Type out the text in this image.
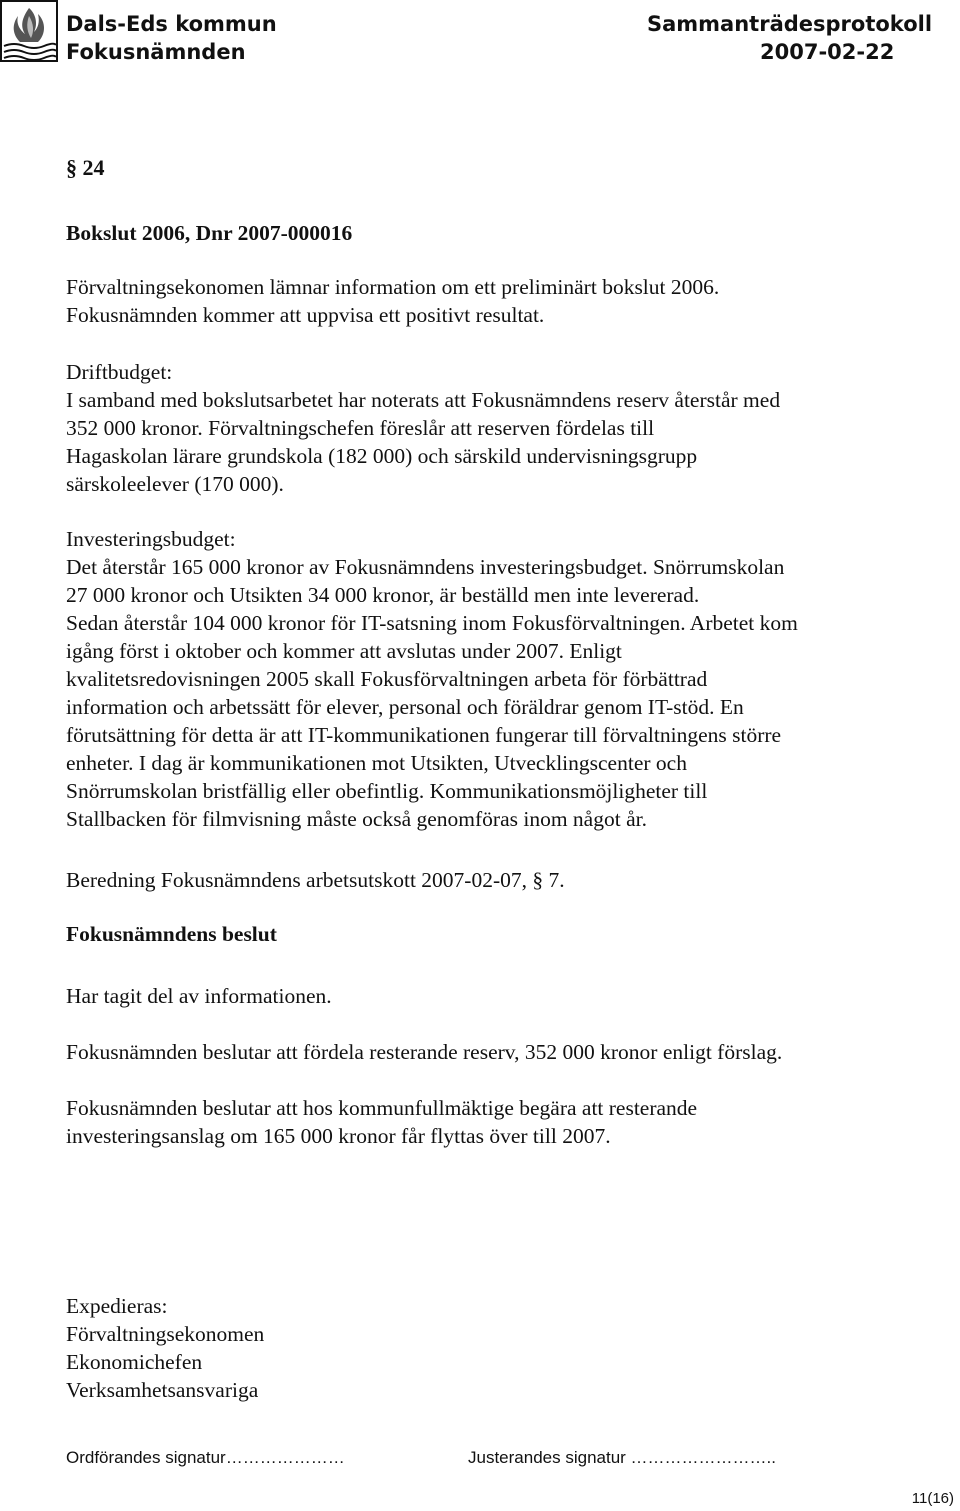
Dals-Eds kommun	Sammanträdesprotokoll
Fokusnämnden	2007-02-22
§ 24
Bokslut 2006, Dnr 2007-000016
Förvaltningsekonomen lämnar information om ett preliminärt bokslut 2006.
Fokusnämnden kommer att uppvisa ett positivt resultat.
Driftbudget:
I samband med bokslutsarbetet har noterats att Fokusnämndens reserv återstår med
352 000 kronor. Förvaltningschefen föreslår att reserven fördelas till
Hagaskolan lärare grundskola (182 000) och särskild undervisningsgrupp
särskoleelever (170 000).
Investeringsbudget:
Det återstår 165 000 kronor av Fokusnämndens investeringsbudget. Snörrumskolan
27 000 kronor och Utsikten 34 000 kronor, är beställd men inte levererad.
Sedan återstår 104 000 kronor för IT-satsning inom Fokusförvaltningen. Arbetet kom
igång först i oktober och kommer att avslutas under 2007. Enligt
kvalitetsredovisningen 2005 skall Fokusförvaltningen arbeta för förbättrad
information och arbetssätt för elever, personal och föräldrar genom IT-stöd. En
förutsättning för detta är att IT-kommunikationen fungerar till förvaltningens större
enheter. I dag är kommunikationen mot Utsikten, Utvecklingscenter och
Snörrumskolan bristfällig eller obefintlig. Kommunikationsmöjligheter till
Stallbacken för filmvisning måste också genomföras inom något år.
Beredning Fokusnämndens arbetsutskott 2007-02-07, § 7.
Fokusnämndens beslut
Har tagit del av informationen.
Fokusnämnden beslutar att fördela resterande reserv, 352 000 kronor enligt förslag.
Fokusnämnden beslutar att hos kommunfullmäktige begära att resterande
investeringsanslag om 165 000 kronor får flyttas över till 2007.
Expedieras:
Förvaltningsekonomen
Ekonomichefen
Verksamhetsansvariga
Ordförandes signatur…………………	Justerandes signatur ……………………..
11(16)
